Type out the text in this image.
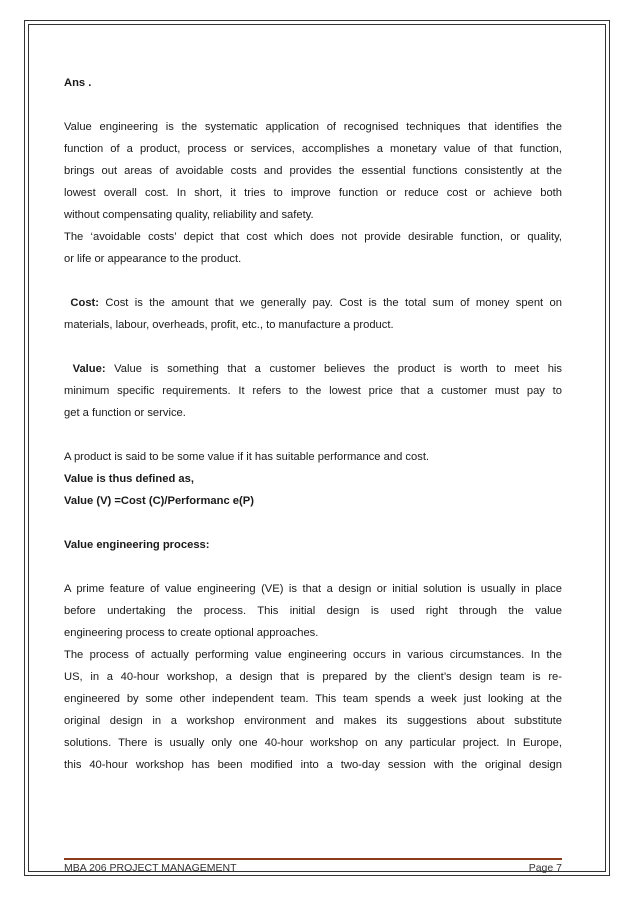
Ans .
Value engineering is the systematic application of recognised techniques that identifies the
function of a product, process or services, accomplishes a monetary value of that function,
brings out areas of avoidable costs and provides the essential functions consistently at the
lowest overall cost. In short, it tries to improve function or reduce cost or achieve both
without compensating quality, reliability and safety.
The ‘avoidable costs’ depict that cost which does not provide desirable function, or quality,
or life or appearance to the product.
Cost: Cost is the amount that we generally pay. Cost is the total sum of money spent on
materials, labour, overheads, profit, etc., to manufacture a product.
Value: Value is something that a customer believes the product is worth to meet his
minimum specific requirements. It refers to the lowest price that a customer must pay to
get a function or service.
A product is said to be some value if it has suitable performance and cost.
Value is thus defined as,
Value (V) =Cost (C)/Performanc e(P)
Value engineering process:
A prime feature of value engineering (VE) is that a design or initial solution is usually in place
before undertaking the process. This initial design is used right through the value
engineering process to create optional approaches.
The process of actually performing value engineering occurs in various circumstances. In the
US, in a 40-hour workshop, a design that is prepared by the client’s design team is re-
engineered by some other independent team. This team spends a week just looking at the
original design in a workshop environment and makes its suggestions about substitute
solutions. There is usually only one 40-hour workshop on any particular project. In Europe,
this 40-hour workshop has been modified into a two-day session with the original design
MBA 206 PROJECT MANAGEMENT	Page 7
